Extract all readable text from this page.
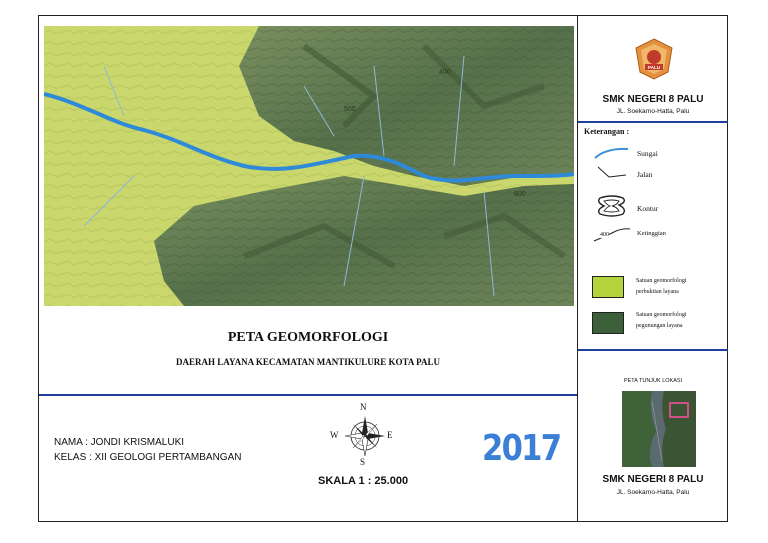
400
500
600
PETA GEOMORFOLOGI
DAERAH LAYANA KECAMATAN MANTIKULURE KOTA PALU
NAMA : JONDI KRISMALUKI
KELAS : XII GEOLOGI PERTAMBANGAN
N
S
E
W
SKALA 1 : 25.000
2017
PALU
SMK NEGERI 8 PALU
JL. Soekarno-Hatta, Palu
Keterangan :
Sungai
Jalan
Kontur
400	Ketinggian
Satuan geomorfologi
perbukitan layana
Satuan geomorfologi
pegunungan layana
PETA TUNJUK LOKASI
SMK NEGERI 8 PALU
JL. Soekarno-Hatta, Palu
